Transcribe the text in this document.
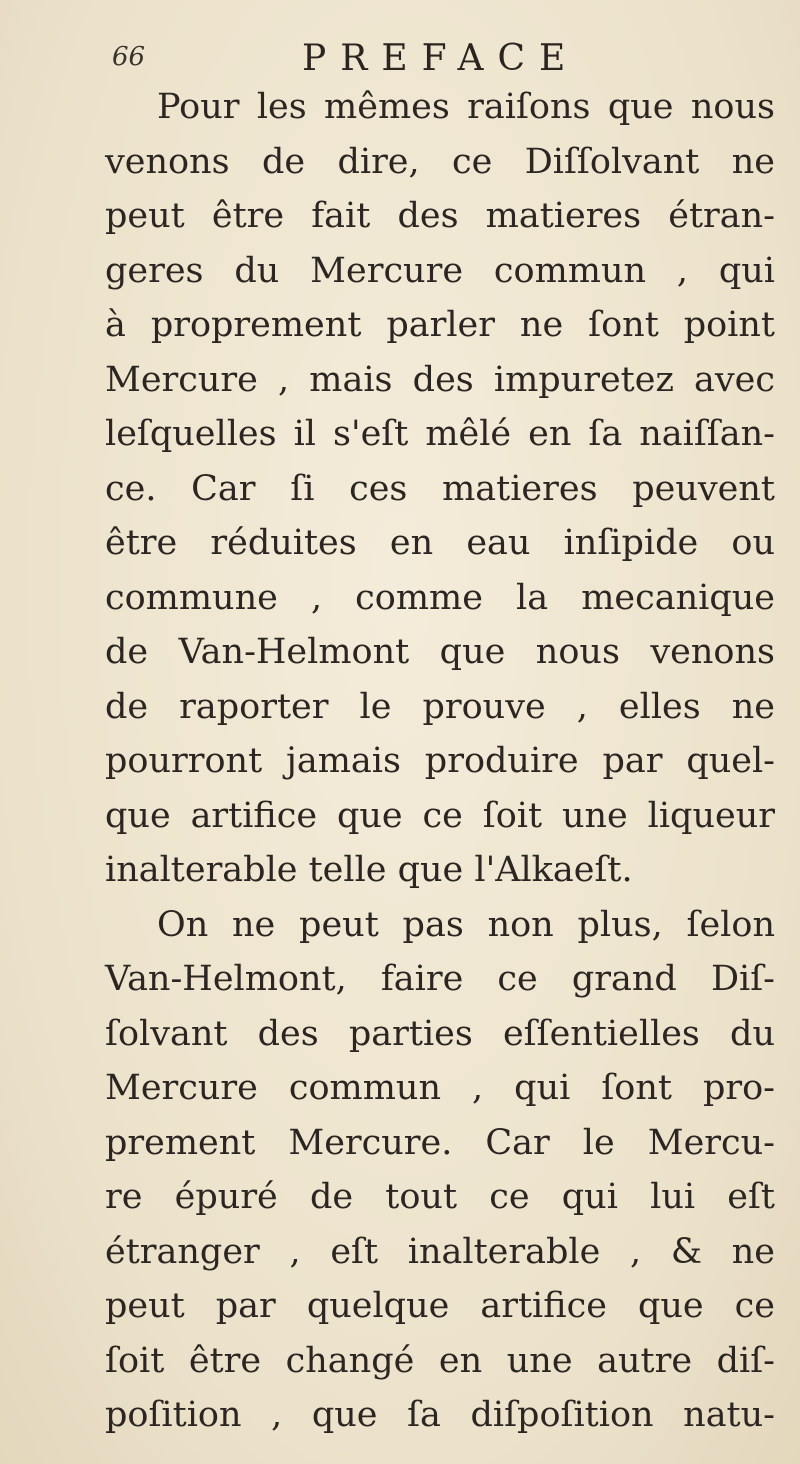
66	PREFACE
Pour les mêmes raiſons que nous
venons de dire, ce Diſſolvant ne
peut être fait des matieres étran-
geres du Mercure commun , qui
à proprement parler ne ſont point
Mercure , mais des impuretez avec
leſquelles il s'eſt mêlé en ſa naiſſan-
ce. Car ſi ces matieres peuvent
être réduites en eau inſipide ou
commune , comme la mecanique
de Van-Helmont que nous venons
de raporter le prouve , elles ne
pourront jamais produire par quel-
que artifice que ce ſoit une liqueur
inalterable telle que l'Alkaeſt.
On ne peut pas non plus, ſelon
Van-Helmont, faire ce grand Diſ-
ſolvant des parties eſſentielles du
Mercure commun , qui ſont pro-
prement Mercure. Car le Mercu-
re épuré de tout ce qui lui eſt
étranger , eſt inalterable , & ne
peut par quelque artifice que ce
ſoit être changé en une autre diſ-
poſition , que ſa diſpoſition natu-
